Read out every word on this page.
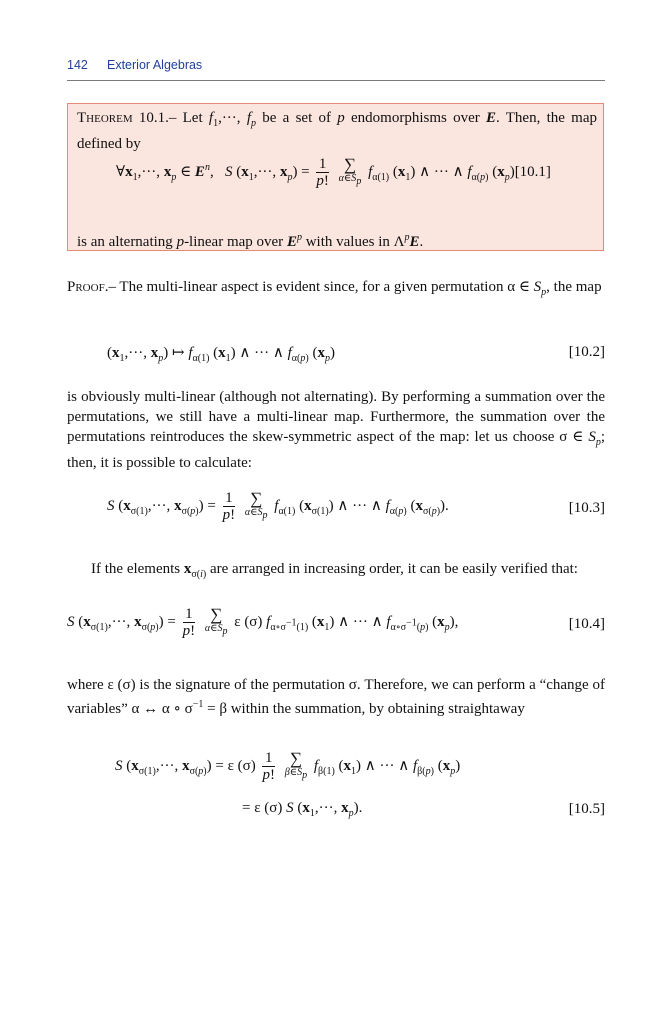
142 Exterior Algebras
Theorem 10.1.– Let $f_1,\cdot\cdot\cdot$, $f_p$ be a set of p endomorphisms over E. Then, the map defined by
$\forall x_1,\cdot\cdot\cdot$, $x_p$ ∈ $E^n$,   S ($x_1,\cdot\cdot\cdot$, $x_p) = \frac{1}{p!}$
∑
$\alpha\in S_p$
$f_{\alpha(1)}$ $(x_1)$ ∧ ··· ∧ $f_{\alpha(p)}$ $(x_p)[10.1]$
is an alternating p-linear map over $E^p$ with values in $\Lambda^pE$.
Proof.– The multi-linear aspect is evident since, for a given permutation α ∈ $S_p$, the map
($x_1,\cdot\cdot\cdot$, $x_p$) ↦ $f_{\alpha(1)}$ $(x_1)$ ∧ ··· ∧ $f_{\alpha(p)}$ $(x_p)$	[10.2]
is obviously multi-linear (although not alternating). By performing a summation over the permutations, we still have a multi-linear map. Furthermore, the summation over the permutations reintroduces the skew-symmetric aspect of the map: let us choose σ ∈ $S_p$; then, it is possible to calculate:
S ($x_{\sigma(1)},\cdot\cdot\cdot$, $x_{\sigma(p)}) = \frac{1}{p!}$
∑
$\alpha\in S_p$
$f_{\alpha(1)}$ $(x_{\sigma(1)})$ ∧ ··· ∧ $f_{\alpha(p)}$ $(x_{\sigma(p)})$.	[10.3]
If the elements $x_{\sigma(i)}$ are arranged in increasing order, it can be easily verified that:
S ($x_{\sigma(1)},\cdot\cdot\cdot$, $x_{\sigma(p)}) = \frac{1}{p!}$
∑
$\alpha\in S_p$
ε (σ) $f_{\alpha\circ\sigma^{-1}(1)}$ $(x_1)$ ∧ ··· ∧ $f_{\alpha\circ\sigma^{-1}(p)}$ $(x_p)$,	[10.4]
where ε (σ) is the signature of the permutation σ. Therefore, we can perform a “change of variables” α ↔ α ∘ $\sigma^{-1} = \beta$ within the summation, by obtaining straightaway
S ($x_{\sigma(1)},\cdot\cdot\cdot$, $x_{\sigma(p)}) = \varepsilon$ $(\sigma) \frac{1}{p!}$
∑
$\beta\in S_p$
$f_{\beta(1)}$ $(x_1)$ ∧ ··· ∧ $f_{\beta(p)}$ $(x_p)$
= ε (σ) S ($x_1,\cdot\cdot\cdot$, $x_p$).	[10.5]
